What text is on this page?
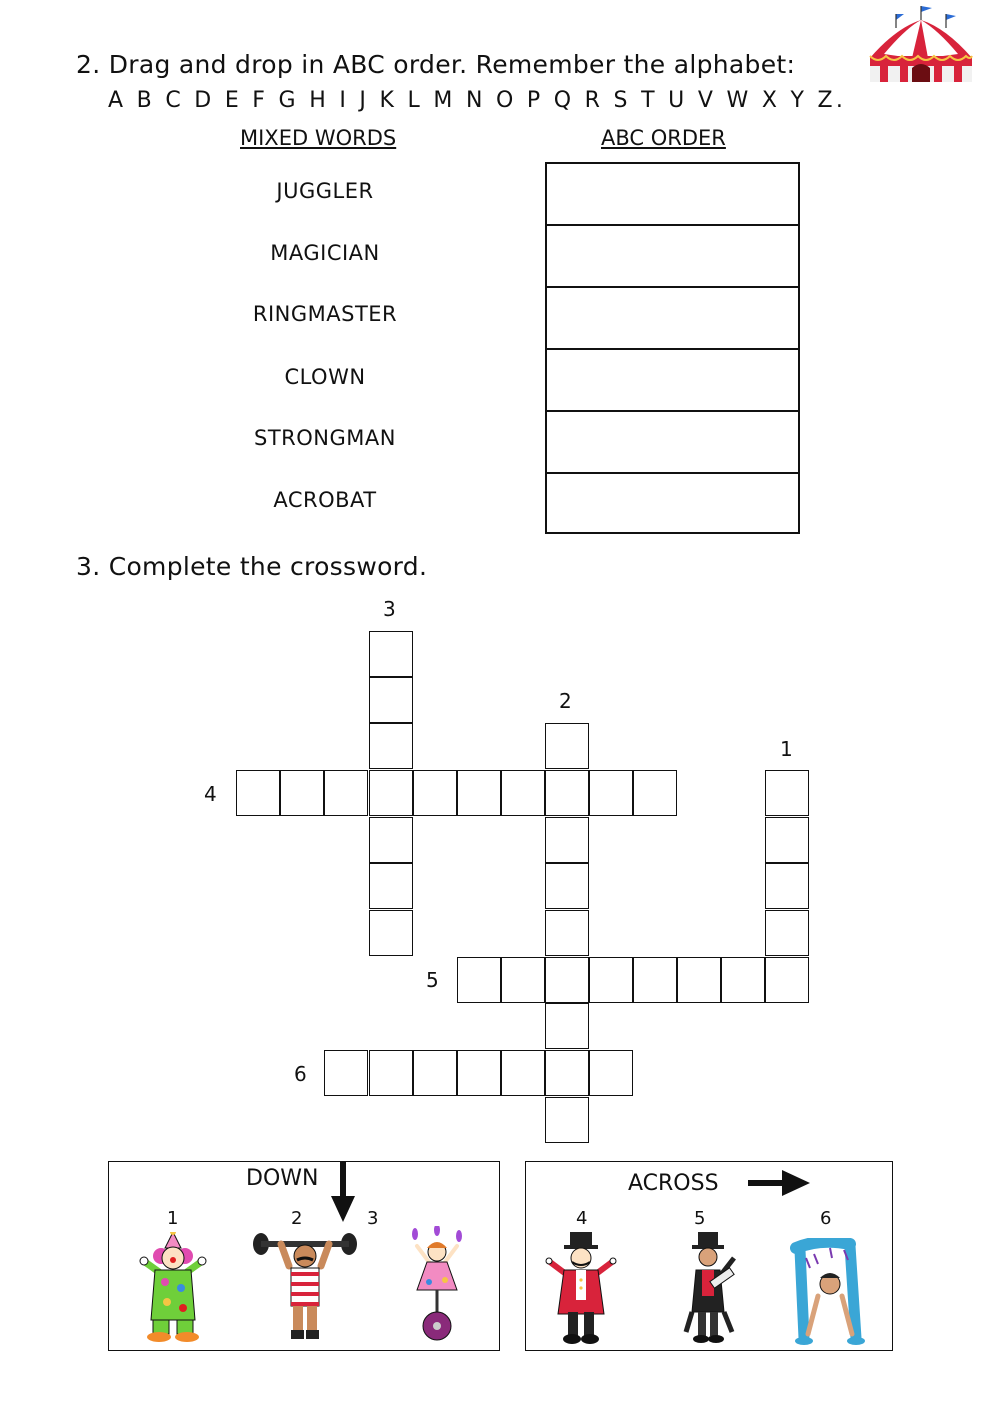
2. Drag and drop in ABC order. Remember the alphabet:
A B C D E F G H I J K L M N O P Q R S T U V W X Y Z.
MIXED WORDS	ABC ORDER
JUGGLER
MAGICIAN
RINGMASTER
CLOWN
STRONGMAN
ACROBAT
3. Complete the crossword.
3
2
1
4
5
6
DOWN
1	2	3
ACROSS
4	5	6
